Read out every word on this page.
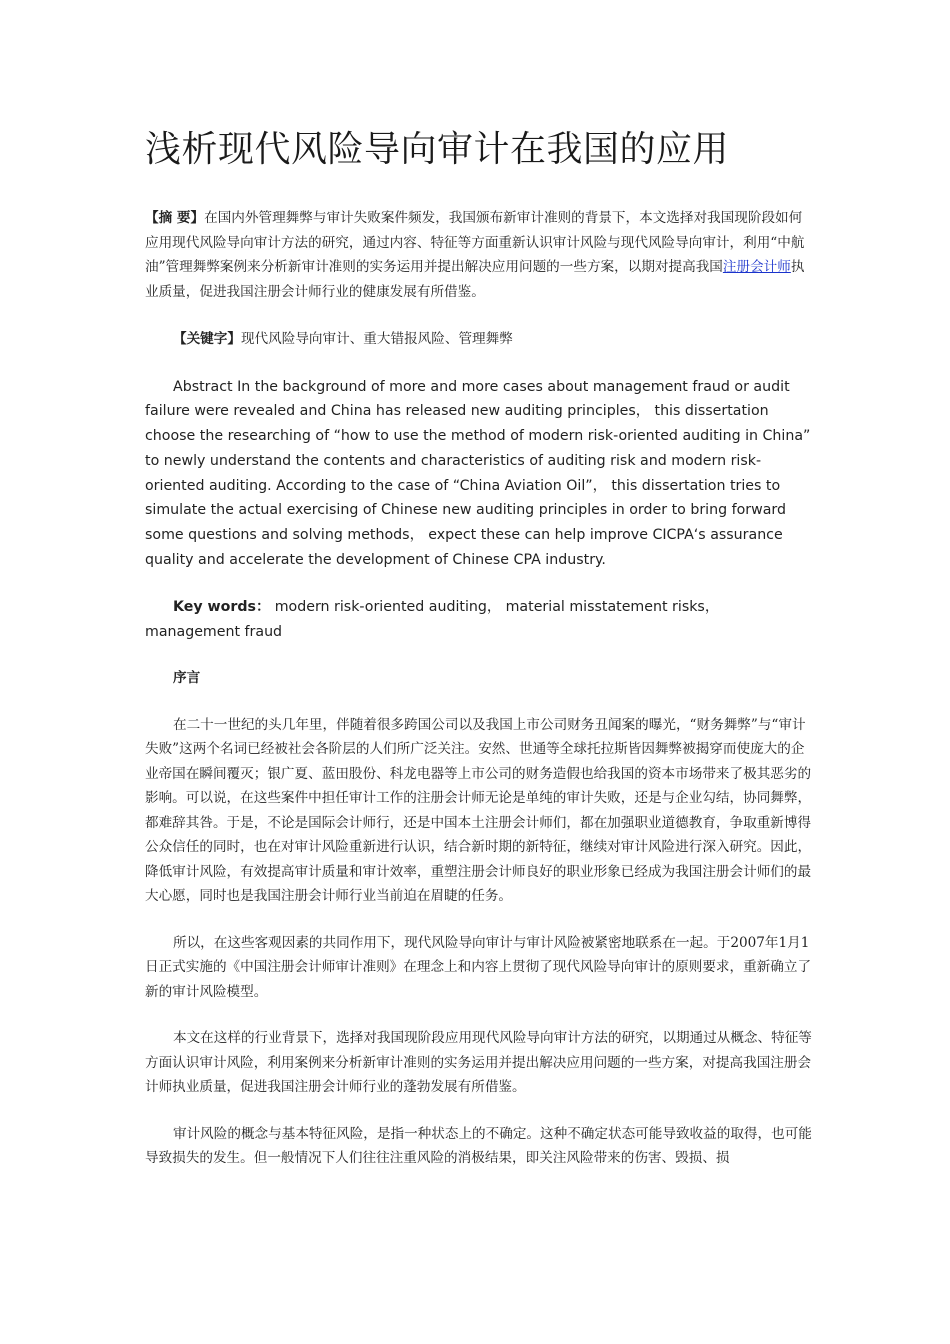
浅析现代风险导向审计在我国的应用

【摘 要】在国内外管理舞弊与审计失败案件频发，我国颁布新审计准则的背景下，本文选择对我国现阶段如何应用现代风险导向审计方法的研究，通过内容、特征等方面重新认识审计风险与现代风险导向审计，利用“中航油”管理舞弊案例来分析新审计准则的实务运用并提出解决应用问题的一些方案，以期对提高我国注册会计师执业质量，促进我国注册会计师行业的健康发展有所借鉴。

【关键字】现代风险导向审计、重大错报风险、管理舞弊

Abstract In the background of more and more cases about management fraud or audit failure were revealed and China has released new auditing principles， this dissertation choose the researching of “how to use the method of modern risk-oriented auditing in China” to newly understand the contents and characteristics of auditing risk and modern risk-oriented auditing. According to the case of “China Aviation Oil”， this dissertation tries to simulate the actual exercising of Chinese new auditing principles in order to bring forward some questions and solving methods， expect these can help improve CICPA‘s assurance quality and accelerate the development of Chinese CPA industry.

Key words： modern risk-oriented auditing， material misstatement risks， management fraud

序言

在二十一世纪的头几年里，伴随着很多跨国公司以及我国上市公司财务丑闻案的曝光，“财务舞弊”与“审计失败”这两个名词已经被社会各阶层的人们所广泛关注。安然、世通等全球托拉斯皆因舞弊被揭穿而使庞大的企业帝国在瞬间覆灭；银广夏、蓝田股份、科龙电器等上市公司的财务造假也给我国的资本市场带来了极其恶劣的影响。可以说，在这些案件中担任审计工作的注册会计师无论是单纯的审计失败，还是与企业勾结，协同舞弊，都难辞其咎。于是，不论是国际会计师行，还是中国本土注册会计师们，都在加强职业道德教育，争取重新博得公众信任的同时，也在对审计风险重新进行认识，结合新时期的新特征，继续对审计风险进行深入研究。因此，降低审计风险，有效提高审计质量和审计效率，重塑注册会计师良好的职业形象已经成为我国注册会计师们的最大心愿，同时也是我国注册会计师行业当前迫在眉睫的任务。

所以，在这些客观因素的共同作用下，现代风险导向审计与审计风险被紧密地联系在一起。于2007年1月1日正式实施的《中国注册会计师审计准则》在理念上和内容上贯彻了现代风险导向审计的原则要求，重新确立了新的审计风险模型。

本文在这样的行业背景下，选择对我国现阶段应用现代风险导向审计方法的研究，以期通过从概念、特征等方面认识审计风险，利用案例来分析新审计准则的实务运用并提出解决应用问题的一些方案，对提高我国注册会计师执业质量，促进我国注册会计师行业的蓬勃发展有所借鉴。

审计风险的概念与基本特征风险，是指一种状态上的不确定。这种不确定状态可能导致收益的取得，也可能导致损失的发生。但一般情况下人们往往注重风险的消极结果，即关注风险带来的伤害、毁损、损
